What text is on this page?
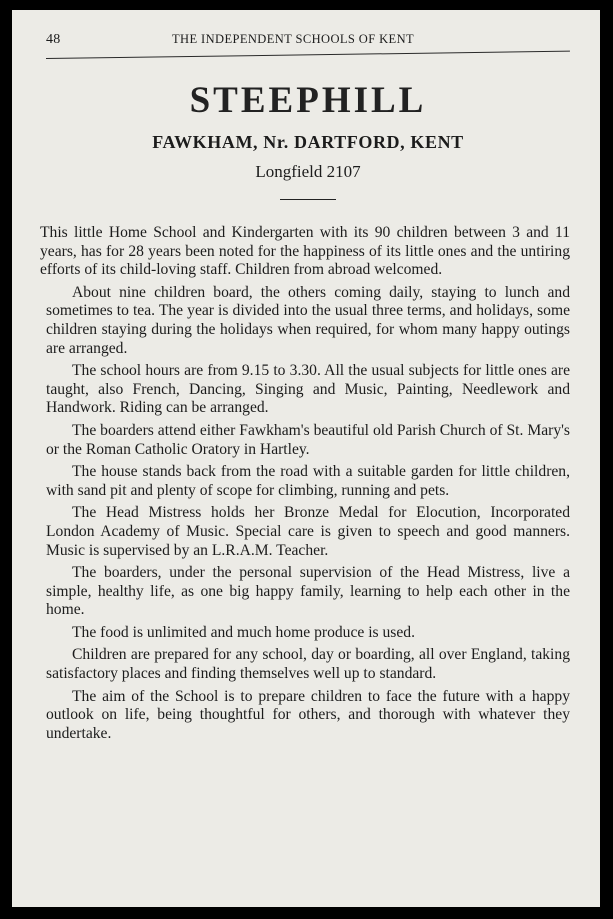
48	THE INDEPENDENT SCHOOLS OF KENT
STEEPHILL
FAWKHAM, Nr. DARTFORD, KENT
Longfield 2107

This little Home School and Kindergarten with its 90 children between 3 and 11 years, has for 28 years been noted for the happiness of its little ones and the untiring efforts of its child-loving staff. Children from abroad welcomed.

About nine children board, the others coming daily, staying to lunch and sometimes to tea. The year is divided into the usual three terms, and holidays, some children staying during the holidays when required, for whom many happy outings are arranged.

The school hours are from 9.15 to 3.30. All the usual subjects for little ones are taught, also French, Dancing, Singing and Music, Painting, Needlework and Handwork. Riding can be arranged.

The boarders attend either Fawkham's beautiful old Parish Church of St. Mary's or the Roman Catholic Oratory in Hartley.

The house stands back from the road with a suitable garden for little children, with sand pit and plenty of scope for climbing, running and pets.

The Head Mistress holds her Bronze Medal for Elocution, Incorporated London Academy of Music. Special care is given to speech and good manners. Music is supervised by an L.R.A.M. Teacher.

The boarders, under the personal supervision of the Head Mistress, live a simple, healthy life, as one big happy family, learning to help each other in the home.

The food is unlimited and much home produce is used.

Children are prepared for any school, day or boarding, all over England, taking satisfactory places and finding themselves well up to standard.

The aim of the School is to prepare children to face the future with a happy outlook on life, being thoughtful for others, and thorough with whatever they undertake.
